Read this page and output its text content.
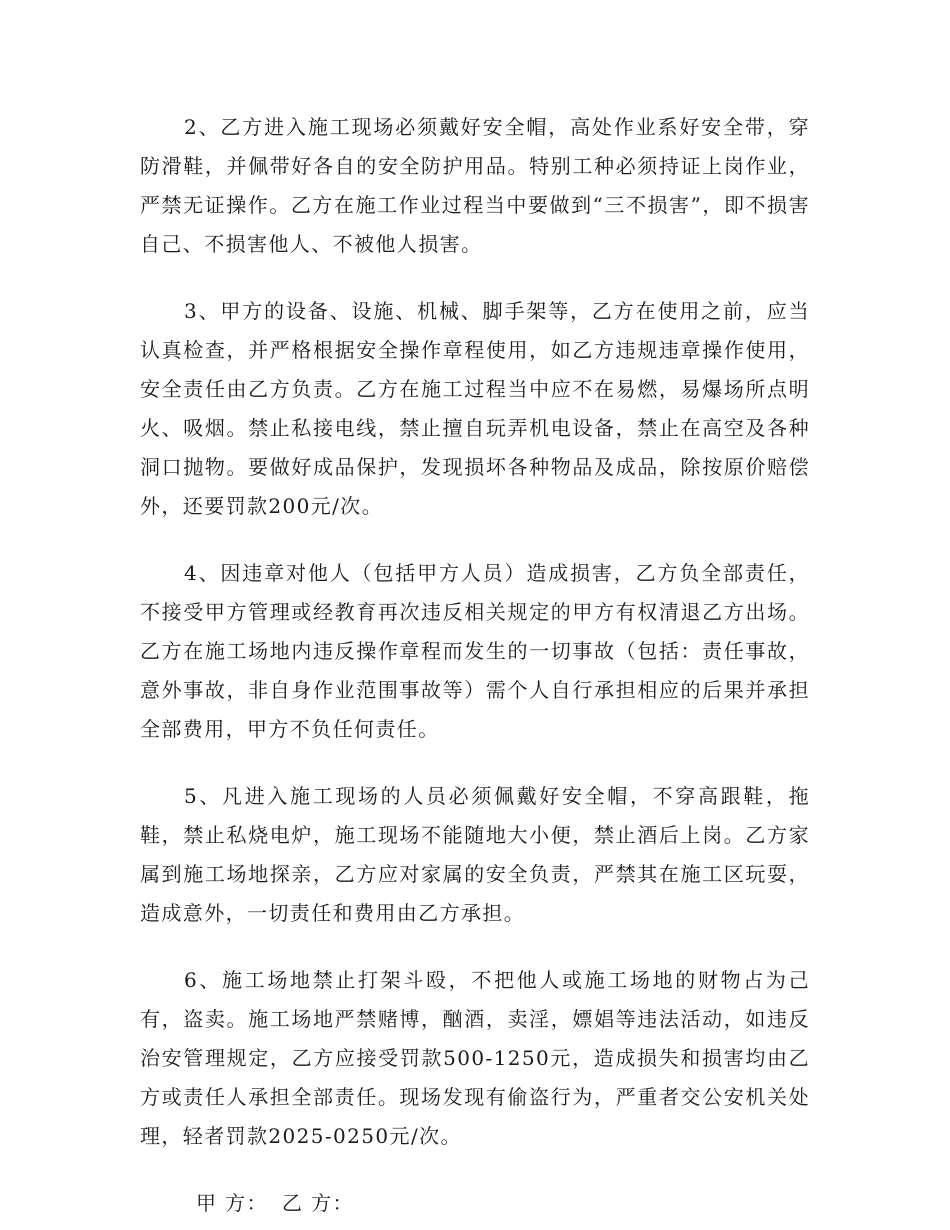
2、乙方进入施工现场必须戴好安全帽，高处作业系好安全带，穿防滑鞋，并佩带好各自的安全防护用品。特别工种必须持证上岗作业，严禁无证操作。乙方在施工作业过程当中要做到“三不损害”，即不损害自己、不损害他人、不被他人损害。

3、甲方的设备、设施、机械、脚手架等，乙方在使用之前，应当认真检查，并严格根据安全操作章程使用，如乙方违规违章操作使用，安全责任由乙方负责。乙方在施工过程当中应不在易燃，易爆场所点明火、吸烟。禁止私接电线，禁止擅自玩弄机电设备，禁止在高空及各种洞口抛物。要做好成品保护，发现损坏各种物品及成品，除按原价赔偿外，还要罚款200元/次。

4、因违章对他人（包括甲方人员）造成损害，乙方负全部责任，不接受甲方管理或经教育再次违反相关规定的甲方有权清退乙方出场。乙方在施工场地内违反操作章程而发生的一切事故（包括：责任事故，意外事故，非自身作业范围事故等）需个人自行承担相应的后果并承担全部费用，甲方不负任何责任。

5、凡进入施工现场的人员必须佩戴好安全帽，不穿高跟鞋，拖鞋，禁止私烧电炉，施工现场不能随地大小便，禁止酒后上岗。乙方家属到施工场地探亲，乙方应对家属的安全负责，严禁其在施工区玩耍，造成意外，一切责任和费用由乙方承担。

6、施工场地禁止打架斗殴，不把他人或施工场地的财物占为己有，盗卖。施工场地严禁赌博，酗酒，卖淫，嫖娼等违法活动，如违反治安管理规定，乙方应接受罚款500-1250元，造成损失和损害均由乙方或责任人承担全部责任。现场发现有偷盗行为，严重者交公安机关处理，轻者罚款2025-0250元/次。

甲 方： 乙 方：
